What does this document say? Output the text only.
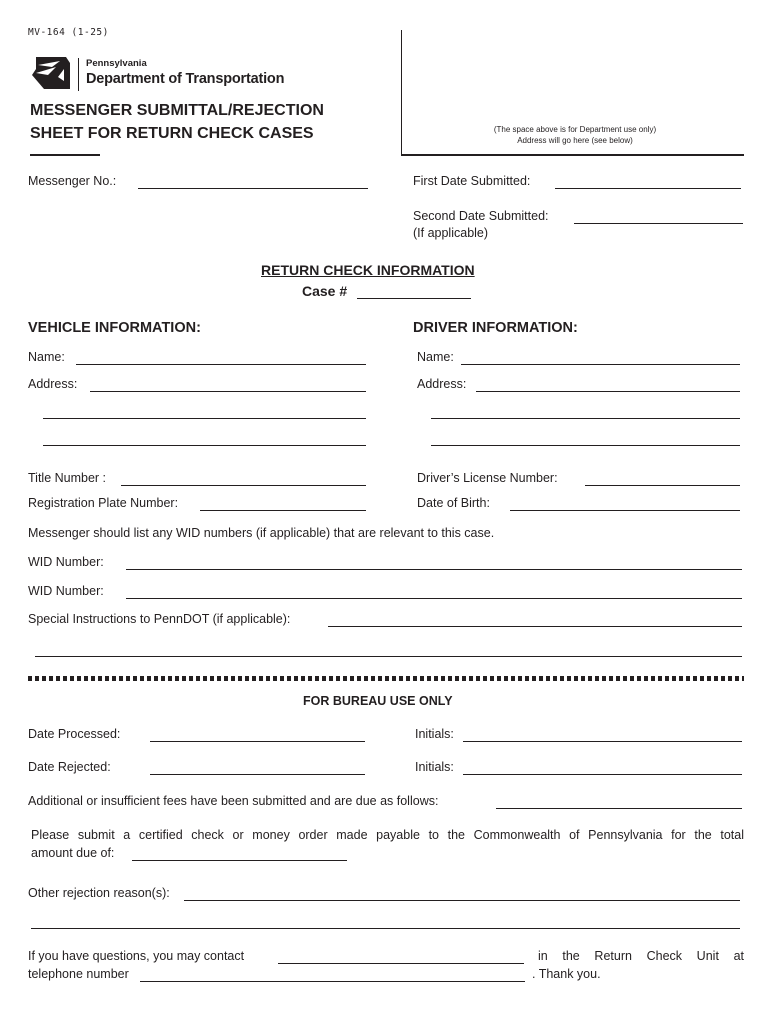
MV-164 (1-25)
Pennsylvania
Department of Transportation
MESSENGER SUBMITTAL/REJECTION
SHEET FOR RETURN CHECK CASES	(The space above is for Department use only)
Address will go here (see below)
Messenger No.:	First Date Submitted:
Second Date Submitted:
(If applicable)
RETURN CHECK INFORMATION
Case #
VEHICLE INFORMATION:	DRIVER INFORMATION:
Name:	Name:
Address:	Address:
Title Number :	Driver’s License Number:
Registration Plate Number:	Date of Birth:
Messenger should list any WID numbers (if applicable) that are relevant to this case.
WID Number:
WID Number:
Special Instructions to PennDOT (if applicable):
FOR BUREAU USE ONLY
Date Processed:	Initials:
Date Rejected:	Initials:
Additional or insufficient fees have been submitted and are due as follows:
Please submit a certified check or money order made payable to the Commonwealth of Pennsylvania for the total
amount due of:
Other rejection reason(s):
If you have questions, you may contact	in the Return Check Unit at
telephone number	. Thank you.
